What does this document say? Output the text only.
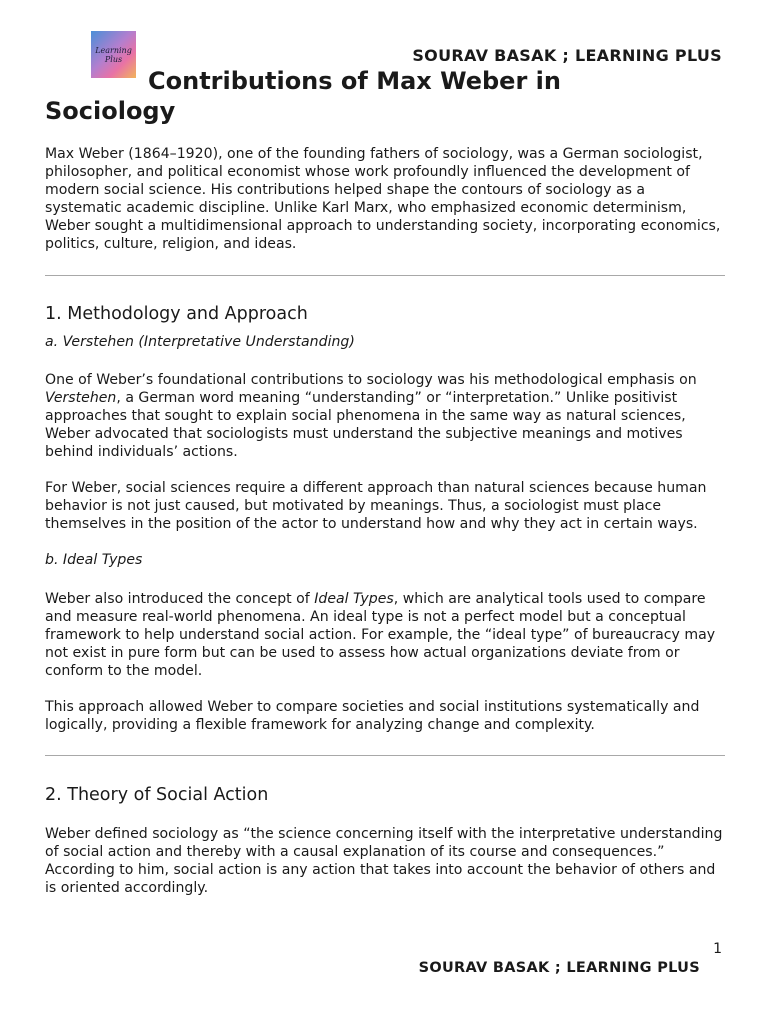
Learning
Plus	SOURAV BASAK ; LEARNING PLUS
Contributions of Max Weber in
Sociology

Max Weber (1864–1920), one of the founding fathers of sociology, was a German sociologist, philosopher, and political economist whose work profoundly influenced the development of modern social science. His contributions helped shape the contours of sociology as a systematic academic discipline. Unlike Karl Marx, who emphasized economic determinism, Weber sought a multidimensional approach to understanding society, incorporating economics, politics, culture, religion, and ideas.

1. Methodology and Approach

a. Verstehen (Interpretative Understanding)

One of Weber’s foundational contributions to sociology was his methodological emphasis on Verstehen, a German word meaning “understanding” or “interpretation.” Unlike positivist approaches that sought to explain social phenomena in the same way as natural sciences, Weber advocated that sociologists must understand the subjective meanings and motives behind individuals’ actions.

For Weber, social sciences require a different approach than natural sciences because human behavior is not just caused, but motivated by meanings. Thus, a sociologist must place themselves in the position of the actor to understand how and why they act in certain ways.

b. Ideal Types

Weber also introduced the concept of Ideal Types, which are analytical tools used to compare and measure real-world phenomena. An ideal type is not a perfect model but a conceptual framework to help understand social action. For example, the “ideal type” of bureaucracy may not exist in pure form but can be used to assess how actual organizations deviate from or conform to the model.

This approach allowed Weber to compare societies and social institutions systematically and logically, providing a flexible framework for analyzing change and complexity.

2. Theory of Social Action

Weber defined sociology as “the science concerning itself with the interpretative understanding of social action and thereby with a causal explanation of its course and consequences.” According to him, social action is any action that takes into account the behavior of others and is oriented accordingly.

1
SOURAV BASAK ; LEARNING PLUS
